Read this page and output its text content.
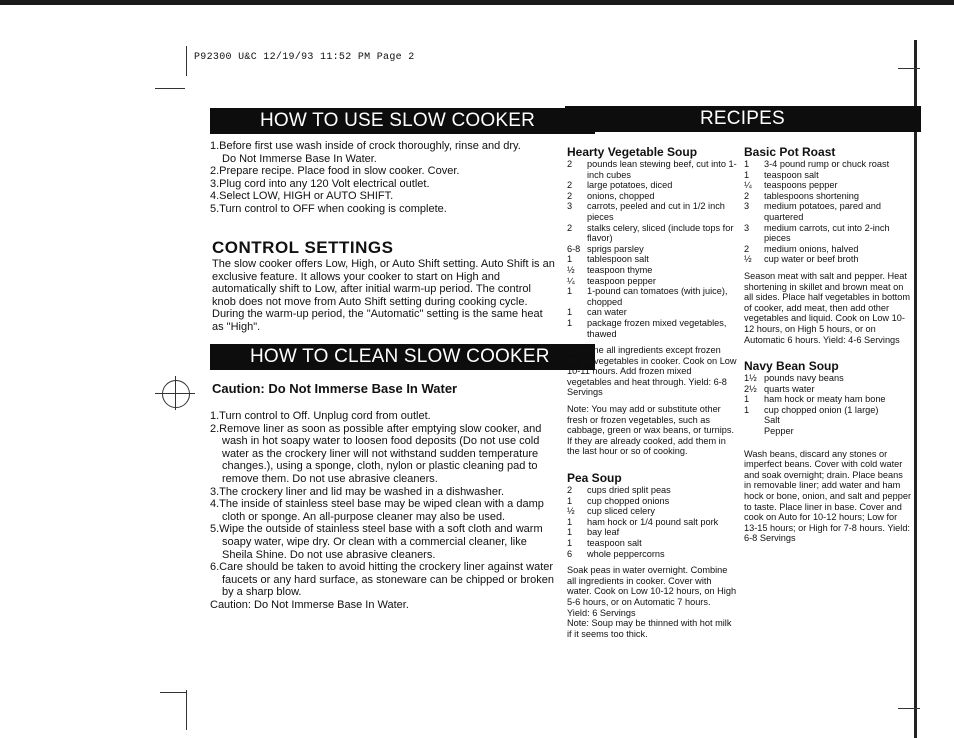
P92300 U&C 12/19/93 11:52 PM Page 2
HOW TO USE SLOW COOKER
1.Before first use wash inside of crock thoroughly, rinse and dry.
Do Not Immerse Base In Water.
2.Prepare recipe. Place food in slow cooker. Cover.
3.Plug cord into any 120 Volt electrical outlet.
4.Select LOW, HIGH or AUTO SHIFT.
5.Turn control to OFF when cooking is complete.
CONTROL SETTINGS
The slow cooker offers Low, High, or Auto Shift setting. Auto Shift is an exclusive feature. It allows your cooker to start on High and automatically shift to Low, after initial warm-up period. The control knob does not move from Auto Shift setting during cooking cycle. During the warm-up period, the "Automatic" setting is the same heat as "High".
HOW TO CLEAN SLOW COOKER
Caution: Do Not Immerse Base In Water
1.Turn control to Off. Unplug cord from outlet.
2.Remove liner as soon as possible after emptying slow cooker, and wash in hot soapy water to loosen food deposits (Do not use cold water as the crockery liner will not withstand sudden temperature changes.), using a sponge, cloth, nylon or plastic cleaning pad to remove them. Do not use abrasive cleaners.
3.The crockery liner and lid may be washed in a dishwasher.
4.The inside of stainless steel base may be wiped clean with a damp cloth or sponge. An all-purpose cleaner may also be used.
5.Wipe the outside of stainless steel base with a soft cloth and warm soapy water, wipe dry. Or clean with a commercial cleaner, like Sheila Shine. Do not use abrasive cleaners.
6.Care should be taken to avoid hitting the crockery liner against water faucets or any hard surface, as stoneware can be chipped or broken by a sharp blow.
Caution: Do Not Immerse Base In Water.
RECIPES
Hearty Vegetable Soup
2	pounds lean stewing beef, cut into 1-inch cubes
2	large potatoes, diced
2	onions, chopped
3	carrots, peeled and cut in 1/2 inch pieces
2	stalks celery, sliced (include tops for flavor)
6-8 sprigs parsley
1	tablespoon salt
½	teaspoon thyme
¼	teaspoon pepper
1	1-pound can tomatoes (with juice), chopped
1	can water
1	package frozen mixed vegetables, thawed
Combine all ingredients except frozen mixed vegetables in cooker. Cook on Low 10-11 hours. Add frozen mixed vegetables and heat through. Yield: 6-8 Servings
Note: You may add or substitute other fresh or frozen vegetables, such as cabbage, green or wax beans, or turnips. If they are already cooked, add them in the last hour or so of cooking.
Pea Soup
2	cups dried split peas
1	cup chopped onions
½	cup sliced celery
1	ham hock or 1/4 pound salt pork
1	bay leaf
1	teaspoon salt
6	whole peppercorns
Soak peas in water overnight. Combine all ingredients in cooker. Cover with water. Cook on Low 10-12 hours, on High 5-6 hours, or on Automatic 7 hours.
Yield: 6 Servings
Note: Soup may be thinned with hot milk if it seems too thick.
Basic Pot Roast
1	3-4 pound rump or chuck roast
1	teaspoon salt
¼	teaspoons pepper
2	tablespoons shortening
3	medium potatoes, pared and quartered
3	medium carrots, cut into 2-inch pieces
2	medium onions, halved
½	cup water or beef broth
Season meat with salt and pepper. Heat shortening in skillet and brown meat on all sides. Place half vegetables in bottom of cooker, add meat, then add other vegetables and liquid. Cook on Low 10-12 hours, on High 5 hours, or on Automatic 6 hours. Yield: 4-6 Servings
Navy Bean Soup
1½ pounds navy beans
2½ quarts water
1	ham hock or meaty ham bone
1	cup chopped onion (1 large)
Salt
Pepper
Wash beans, discard any stones or imperfect beans. Cover with cold water and soak overnight; drain. Place beans in removable liner; add water and ham hock or bone, onion, and salt and pepper to taste. Place liner in base. Cover and cook on Auto for 10-12 hours; Low for 13-15 hours; or High for 7-8 hours. Yield: 6-8 Servings
